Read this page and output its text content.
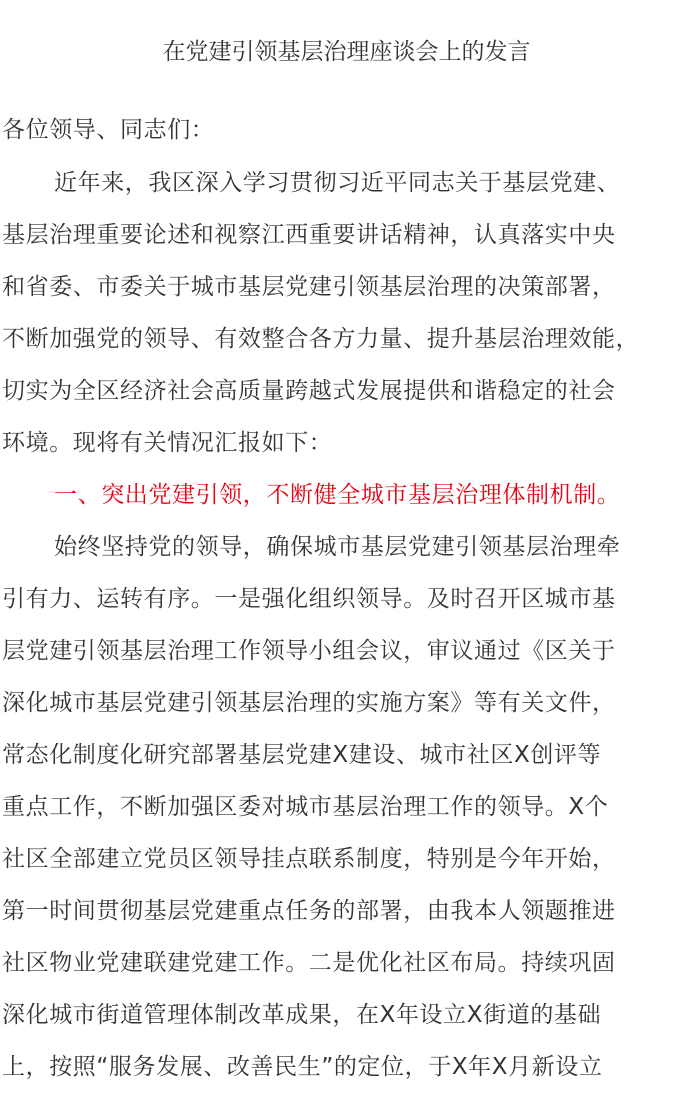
在党建引领基层治理座谈会上的发言
各位领导、同志们：
近年来，我区深入学习贯彻习近平同志关于基层党建、
基层治理重要论述和视察江西重要讲话精神，认真落实中央
和省委、市委关于城市基层党建引领基层治理的决策部署，
不断加强党的领导、有效整合各方力量、提升基层治理效能，
切实为全区经济社会高质量跨越式发展提供和谐稳定的社会
环境。现将有关情况汇报如下：
一、突出党建引领，不断健全城市基层治理体制机制。
始终坚持党的领导，确保城市基层党建引领基层治理牵
引有力、运转有序。一是强化组织领导。及时召开区城市基
层党建引领基层治理工作领导小组会议，审议通过《区关于
深化城市基层党建引领基层治理的实施方案》等有关文件，
常态化制度化研究部署基层党建X建设、城市社区X创评等
重点工作，不断加强区委对城市基层治理工作的领导。X个
社区全部建立党员区领导挂点联系制度，特别是今年开始，
第一时间贯彻基层党建重点任务的部署，由我本人领题推进
社区物业党建联建党建工作。二是优化社区布局。持续巩固
深化城市街道管理体制改革成果，在X年设立X街道的基础
上，按照“服务发展、改善民生”的定位，于X年X月新设立
